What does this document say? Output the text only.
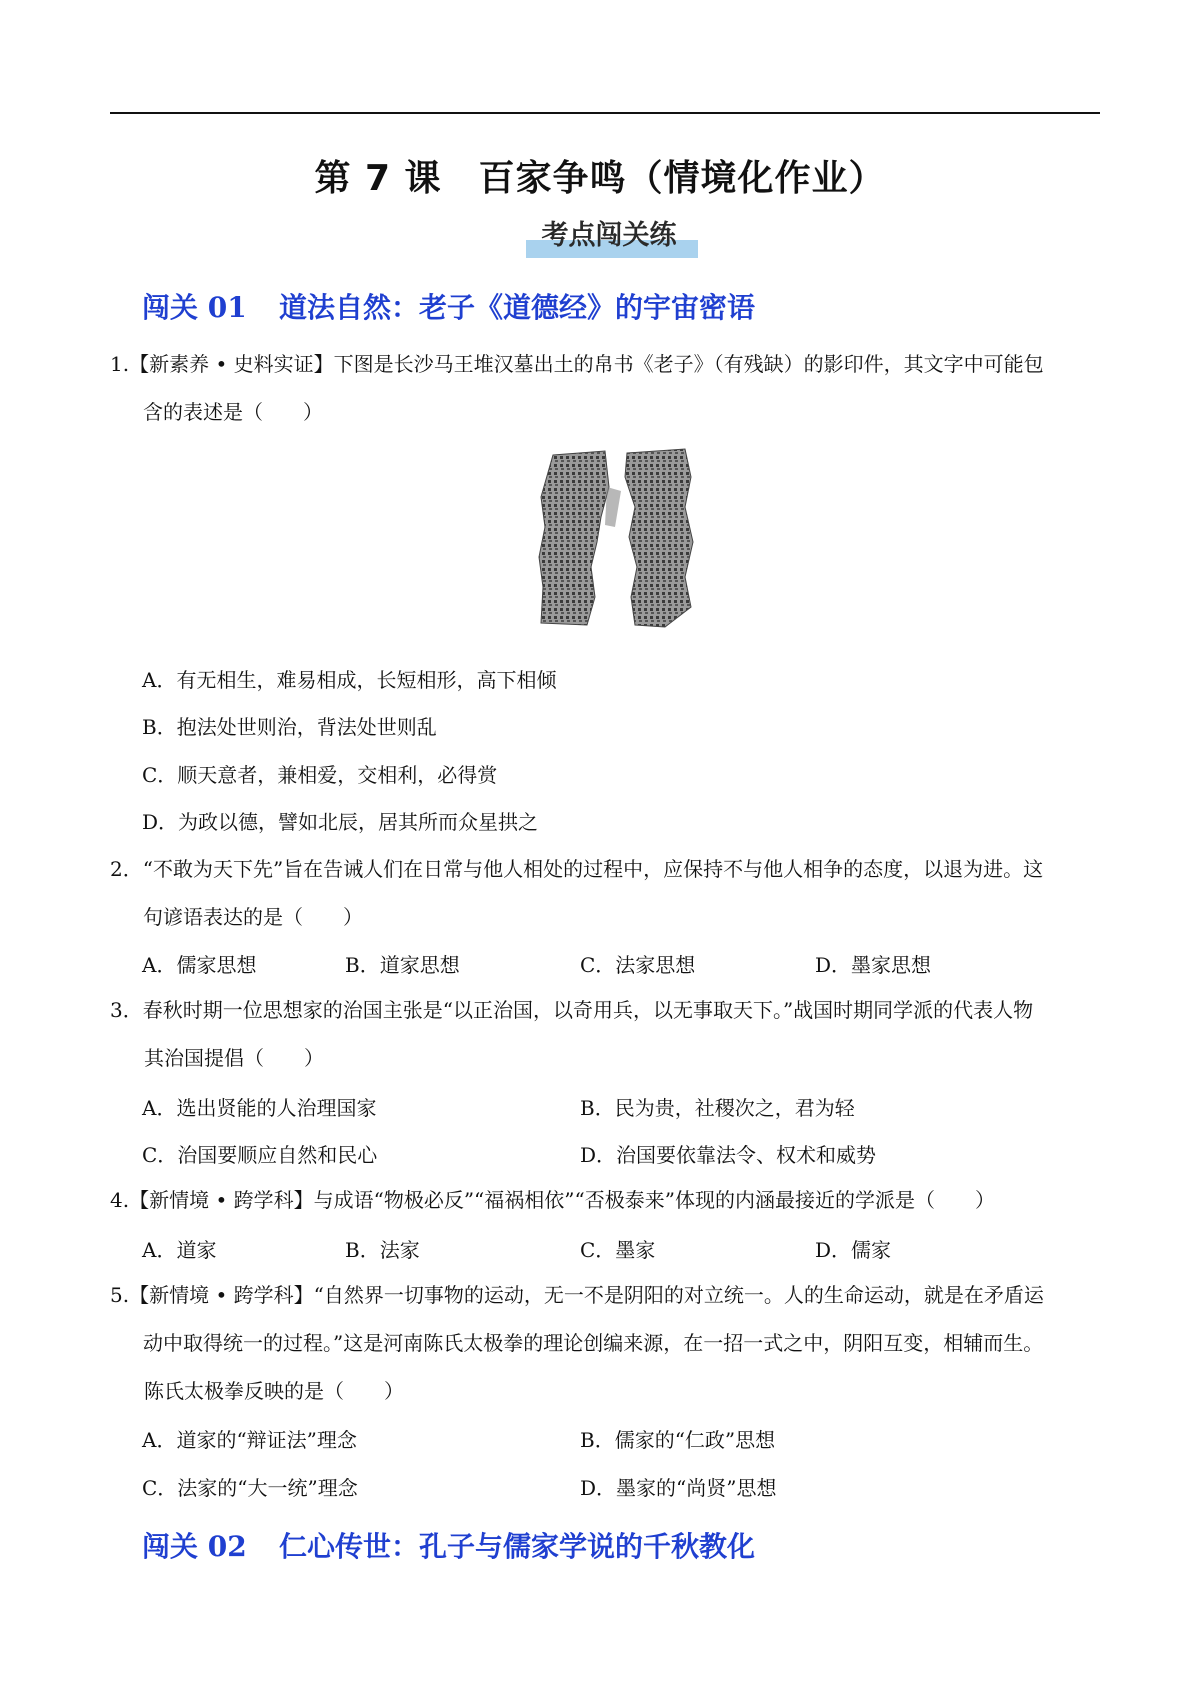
第 7 课　百家争鸣（情境化作业）
考点闯关练
闯关 01 道法自然：老子《道德经》的宇宙密语
1.【新素养 • 史料实证】下图是长沙马王堆汉墓出土的帛书《老子》（有残缺）的影印件，其文字中可能包
含的表述是（　　）
A．有无相生，难易相成，长短相形，高下相倾
B．抱法处世则治，背法处世则乱
C．顺天意者，兼相爱，交相利，必得赏
D．为政以德，譬如北辰，居其所而众星拱之
2．“不敢为天下先”旨在告诫人们在日常与他人相处的过程中，应保持不与他人相争的态度，以退为进。这
句谚语表达的是（　　）
A．儒家思想	B．道家思想	C．法家思想	D．墨家思想
3．春秋时期一位思想家的治国主张是“以正治国，以奇用兵，以无事取天下。”战国时期同学派的代表人物
其治国提倡（　　）
A．选出贤能的人治理国家	B．民为贵，社稷次之，君为轻
C．治国要顺应自然和民心	D．治国要依靠法令、权术和威势
4.【新情境 • 跨学科】与成语“物极必反”“福祸相依”“否极泰来”体现的内涵最接近的学派是（　　）
A．道家	B．法家	C．墨家	D．儒家
5.【新情境 • 跨学科】“自然界一切事物的运动，无一不是阴阳的对立统一。人的生命运动，就是在矛盾运
动中取得统一的过程。”这是河南陈氏太极拳的理论创编来源，在一招一式之中，阴阳互变，相辅而生。
陈氏太极拳反映的是（　　）
A．道家的“辩证法”理念	B．儒家的“仁政”思想
C．法家的“大一统”理念	D．墨家的“尚贤”思想
闯关 02 仁心传世：孔子与儒家学说的千秋教化
